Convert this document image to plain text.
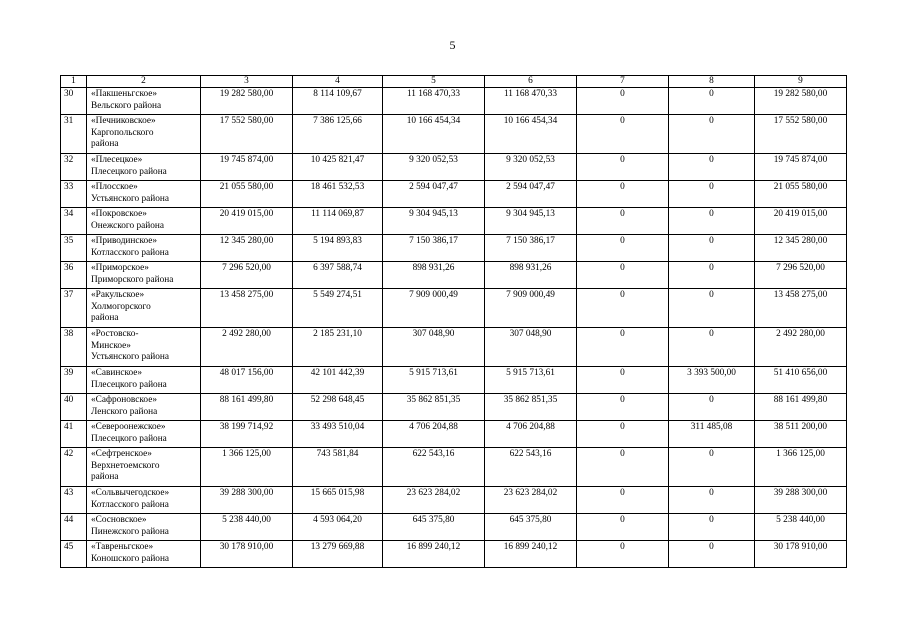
5
1	2	3	4	5	6	7	8	9
30	«Пакшеньгское»
Вельского района	19 282 580,00	8 114 109,67	11 168 470,33	11 168 470,33	0	0	19 282 580,00
31	«Печниковское»
Каргопольского
района	17 552 580,00	7 386 125,66	10 166 454,34	10 166 454,34	0	0	17 552 580,00
32	«Плесецкое»
Плесецкого района	19 745 874,00	10 425 821,47	9 320 052,53	9 320 052,53	0	0	19 745 874,00
33	«Плосское»
Устьянского района	21 055 580,00	18 461 532,53	2 594 047,47	2 594 047,47	0	0	21 055 580,00
34	«Покровское»
Онежского района	20 419 015,00	11 114 069,87	9 304 945,13	9 304 945,13	0	0	20 419 015,00
35	«Приводинское»
Котласского района	12 345 280,00	5 194 893,83	7 150 386,17	7 150 386,17	0	0	12 345 280,00
36	«Приморское»
Приморского района	7 296 520,00	6 397 588,74	898 931,26	898 931,26	0	0	7 296 520,00
37	«Ракульское»
Холмогорского
района	13 458 275,00	5 549 274,51	7 909 000,49	7 909 000,49	0	0	13 458 275,00
38	«Ростовско-
Минское»
Устьянского района	2 492 280,00	2 185 231,10	307 048,90	307 048,90	0	0	2 492 280,00
39	«Савинское»
Плесецкого района	48 017 156,00	42 101 442,39	5 915 713,61	5 915 713,61	0	3 393 500,00	51 410 656,00
40	«Сафроновское»
Ленского района	88 161 499,80	52 298 648,45	35 862 851,35	35 862 851,35	0	0	88 161 499,80
41	«Североонежское»
Плесецкого района	38 199 714,92	33 493 510,04	4 706 204,88	4 706 204,88	0	311 485,08	38 511 200,00
42	«Сефтренское»
Верхнетоемского
района	1 366 125,00	743 581,84	622 543,16	622 543,16	0	0	1 366 125,00
43	«Сольвычегодское»
Котласского района	39 288 300,00	15 665 015,98	23 623 284,02	23 623 284,02	0	0	39 288 300,00
44	«Сосновское»
Пинежского района	5 238 440,00	4 593 064,20	645 375,80	645 375,80	0	0	5 238 440,00
45	«Тавреньгское»
Коношского района	30 178 910,00	13 279 669,88	16 899 240,12	16 899 240,12	0	0	30 178 910,00
